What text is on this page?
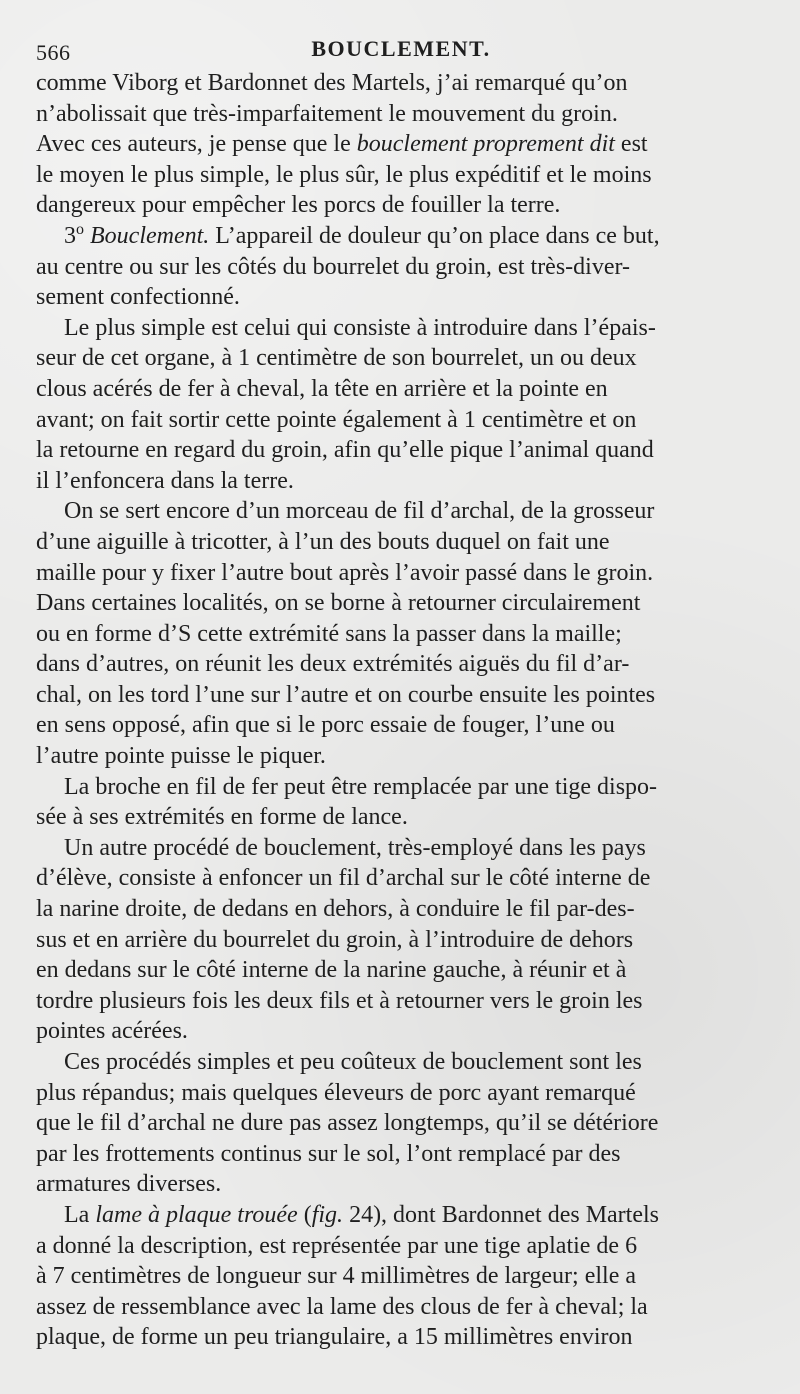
566	BOUCLEMENT.
comme Viborg et Bardonnet des Martels, j’ai remarqué qu’on
n’abolissait que très-imparfaitement le mouvement du groin.
Avec ces auteurs, je pense que le bouclement proprement dit est
le moyen le plus simple, le plus sûr, le plus expéditif et le moins
dangereux pour empêcher les porcs de fouiller la terre.
3$^o$ Bouclement. L’appareil de douleur qu’on place dans ce but,
au centre ou sur les côtés du bourrelet du groin, est très-diver-
sement confectionné.
Le plus simple est celui qui consiste à introduire dans l’épais-
seur de cet organe, à 1 centimètre de son bourrelet, un ou deux
clous acérés de fer à cheval, la tête en arrière et la pointe en
avant; on fait sortir cette pointe également à 1 centimètre et on
la retourne en regard du groin, afin qu’elle pique l’animal quand
il l’enfoncera dans la terre.
On se sert encore d’un morceau de fil d’archal, de la grosseur
d’une aiguille à tricotter, à l’un des bouts duquel on fait une
maille pour y fixer l’autre bout après l’avoir passé dans le groin.
Dans certaines localités, on se borne à retourner circulairement
ou en forme d’S cette extrémité sans la passer dans la maille;
dans d’autres, on réunit les deux extrémités aiguës du fil d’ar-
chal, on les tord l’une sur l’autre et on courbe ensuite les pointes
en sens opposé, afin que si le porc essaie de fouger, l’une ou
l’autre pointe puisse le piquer.
La broche en fil de fer peut être remplacée par une tige dispo-
sée à ses extrémités en forme de lance.
Un autre procédé de bouclement, très-employé dans les pays
d’élève, consiste à enfoncer un fil d’archal sur le côté interne de
la narine droite, de dedans en dehors, à conduire le fil par-des-
sus et en arrière du bourrelet du groin, à l’introduire de dehors
en dedans sur le côté interne de la narine gauche, à réunir et à
tordre plusieurs fois les deux fils et à retourner vers le groin les
pointes acérées.
Ces procédés simples et peu coûteux de bouclement sont les
plus répandus; mais quelques éleveurs de porc ayant remarqué
que le fil d’archal ne dure pas assez longtemps, qu’il se détériore
par les frottements continus sur le sol, l’ont remplacé par des
armatures diverses.
La lame à plaque trouée (fig. 24), dont Bardonnet des Martels
a donné la description, est représentée par une tige aplatie de 6
à 7 centimètres de longueur sur 4 millimètres de largeur; elle a
assez de ressemblance avec la lame des clous de fer à cheval; la
plaque, de forme un peu triangulaire, a 15 millimètres environ
